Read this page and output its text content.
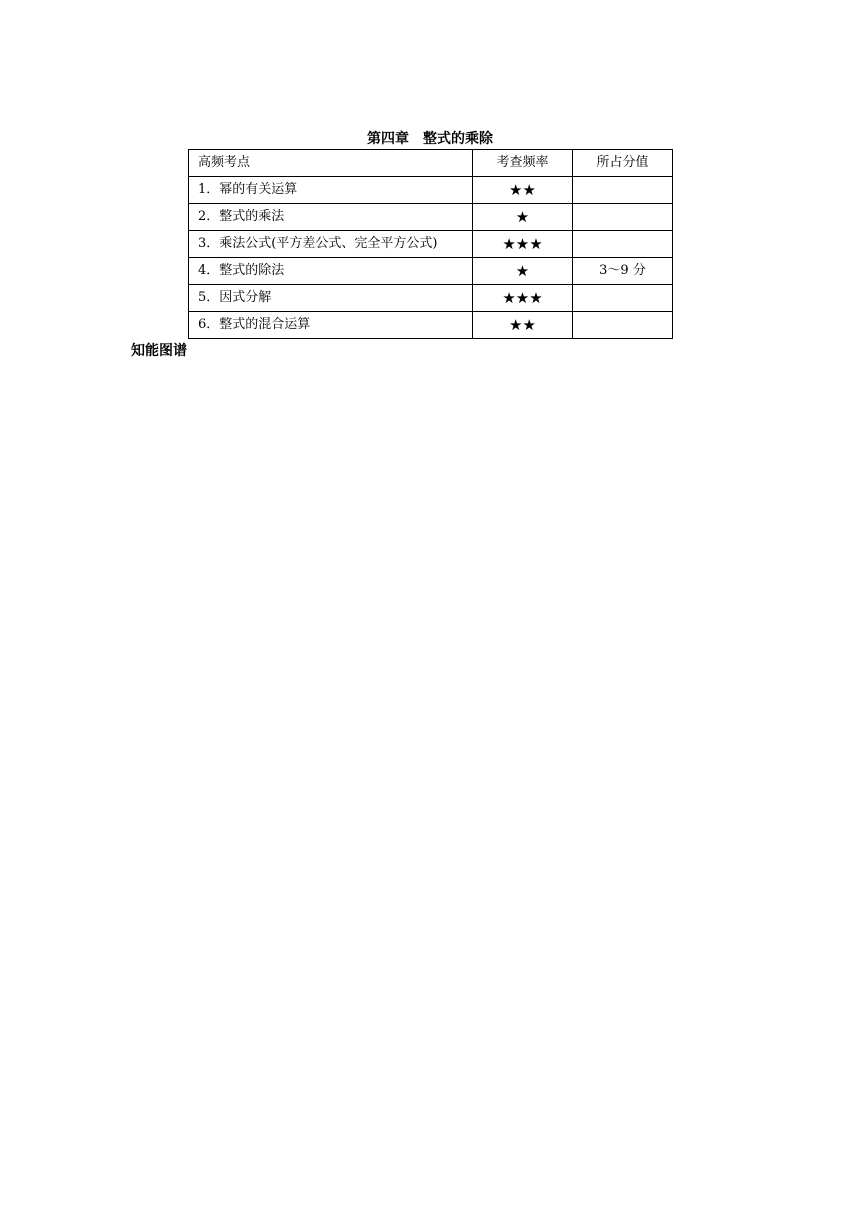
第四章　整式的乘除
高频考点	考查频率	所占分值
1．幂的有关运算	★★	
2．整式的乘法	★	
3．乘法公式(平方差公式、完全平方公式)	★★★	
4．整式的除法	★	3～9 分
5．因式分解	★★★	
6．整式的混合运算	★★	
知能图谱
